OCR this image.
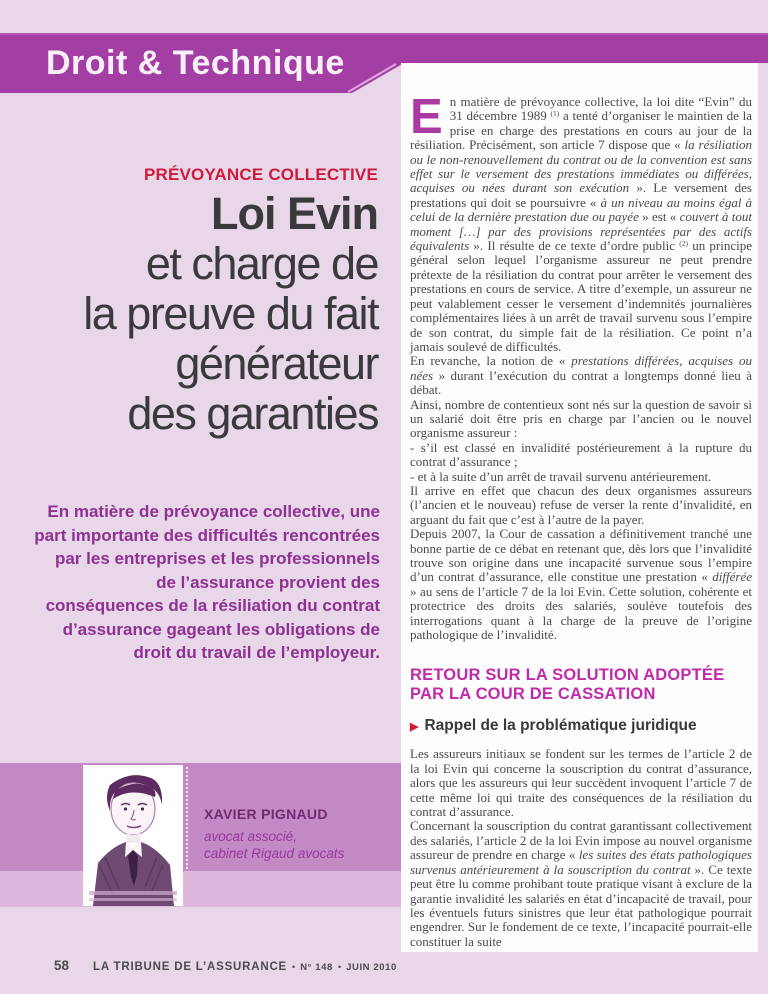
Droit & Technique
PRÉVOYANCE COLLECTIVE
Loi Evin
et charge de
la preuve du fait
générateur
des garanties

En matière de prévoyance collective, une part importante des difficultés rencontrées par les entreprises et les professionnels de l’assurance provient des conséquences de la résiliation du contrat d’assurance gageant les obligations de droit du travail de l’employeur.

XAVIER PIGNAUD
avocat associé,
cabinet Rigaud avocats

En matière de prévoyance collective, la loi dite “Evin” du 31 décembre 1989 $^{(1)}$ a tenté d’organiser le maintien de la prise en charge des prestations en cours au jour de la résiliation. Précisément, son article 7 dispose que « la résiliation ou le non-renouvellement du contrat ou de la convention est sans effet sur le versement des prestations immédiates ou différées, acquises ou nées durant son exécution ». Le versement des prestations qui doit se poursuivre « à un niveau au moins égal à celui de la dernière prestation due ou payée » est « couvert à tout moment […] par des provisions représentées par des actifs équivalents ». Il résulte de ce texte d’ordre public $^{(2)}$ un principe général selon lequel l’organisme assureur ne peut prendre prétexte de la résiliation du contrat pour arrêter le versement des prestations en cours de service. A titre d’exemple, un assureur ne peut valablement cesser le versement d’indemnités journalières complémentaires liées à un arrêt de travail survenu sous l’empire de son contrat, du simple fait de la résiliation. Ce point n’a jamais soulevé de difficultés.

En revanche, la notion de « prestations différées, acquises ou nées » durant l’exécution du contrat a longtemps donné lieu à débat.

Ainsi, nombre de contentieux sont nés sur la question de savoir si un salarié doit être pris en charge par l’ancien ou le nouvel organisme assureur :

- s’il est classé en invalidité postérieurement à la rupture du contrat d’assurance ;

- et à la suite d’un arrêt de travail survenu antérieurement.

Il arrive en effet que chacun des deux organismes assureurs (l’ancien et le nouveau) refuse de verser la rente d’invalidité, en arguant du fait que c’est à l’autre de la payer.

Depuis 2007, la Cour de cassation a définitivement tranché une bonne partie de ce débat en retenant que, dès lors que l’invalidité trouve son origine dans une incapacité survenue sous l’empire d’un contrat d’assurance, elle constitue une prestation « différée » au sens de l’article 7 de la loi Evin. Cette solution, cohérente et protectrice des droits des salariés, soulève toutefois des interrogations quant à la charge de la preuve de l’origine pathologique de l’invalidité.

RETOUR SUR LA SOLUTION ADOPTÉE
PAR LA COUR DE CASSATION
▶ Rappel de la problématique juridique

Les assureurs initiaux se fondent sur les termes de l’article 2 de la loi Evin qui concerne la souscription du contrat d’assurance, alors que les assureurs qui leur succèdent invoquent l’article 7 de cette même loi qui traite des conséquences de la résiliation du contrat d’assurance.

Concernant la souscription du contrat garantissant collectivement des salariés, l’article 2 de la loi Evin impose au nouvel organisme assureur de prendre en charge « les suites des états pathologiques survenus antérieurement à la souscription du contrat ». Ce texte peut être lu comme prohibant toute pratique visant à exclure de la garantie invalidité les salariés en état d’incapacité de travail, pour les éventuels futurs sinistres que leur état pathologique pourrait engendrer. Sur le fondement de ce texte, l’incapacité pourrait-elle constituer la suite

58 LA TRIBUNE DE L’ASSURANCE • N° 148 • JUIN 2010
